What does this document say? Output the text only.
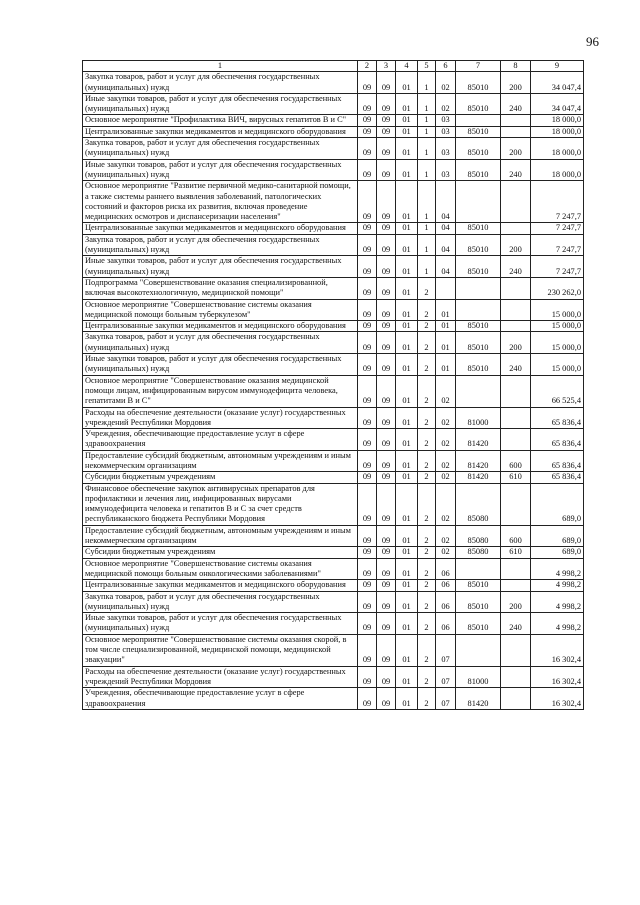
96
1	2	3	4	5	6	7	8	9
Закупка товаров, работ и услуг для обеспечения государственных (муниципальных) нужд	09	09	01	1	02	85010	200	34 047,4
Иные закупки товаров, работ и услуг для обеспечения государственных (муниципальных) нужд	09	09	01	1	02	85010	240	34 047,4
Основное мероприятие "Профилактика ВИЧ, вирусных гепатитов В и С"	09	09	01	1	03			18 000,0
Централизованные закупки медикаментов и медицинского оборудования	09	09	01	1	03	85010		18 000,0
Закупка товаров, работ и услуг для обеспечения государственных (муниципальных) нужд	09	09	01	1	03	85010	200	18 000,0
Иные закупки товаров, работ и услуг для обеспечения государственных (муниципальных) нужд	09	09	01	1	03	85010	240	18 000,0
Основное мероприятие "Развитие первичной медико-санитарной помощи, а также системы раннего выявления заболеваний, патологических состояний и факторов риска их развития, включая проведение медицинских осмотров и диспансеризации населения"	09	09	01	1	04			7 247,7
Централизованные закупки медикаментов и медицинского оборудования	09	09	01	1	04	85010		7 247,7
Закупка товаров, работ и услуг для обеспечения государственных (муниципальных) нужд	09	09	01	1	04	85010	200	7 247,7
Иные закупки товаров, работ и услуг для обеспечения государственных (муниципальных) нужд	09	09	01	1	04	85010	240	7 247,7
Подпрограмма "Совершенствование оказания специализированной, включая высокотехнологичную, медицинской помощи"	09	09	01	2				230 262,0
Основное мероприятие "Совершенствование системы оказания медицинской помощи больным туберкулезом"	09	09	01	2	01			15 000,0
Централизованные закупки медикаментов и медицинского оборудования	09	09	01	2	01	85010		15 000,0
Закупка товаров, работ и услуг для обеспечения государственных (муниципальных) нужд	09	09	01	2	01	85010	200	15 000,0
Иные закупки товаров, работ и услуг для обеспечения государственных (муниципальных) нужд	09	09	01	2	01	85010	240	15 000,0
Основное мероприятие "Совершенствование оказания медицинской помощи лицам, инфицированным вирусом иммунодефицита человека, гепатитами В и С"	09	09	01	2	02			66 525,4
Расходы на обеспечение деятельности (оказание услуг) государственных учреждений Республики Мордовия	09	09	01	2	02	81000		65 836,4
Учреждения, обеспечивающие предоставление услуг в сфере здравоохранения	09	09	01	2	02	81420		65 836,4
Предоставление субсидий бюджетным, автономным учреждениям и иным некоммерческим организациям	09	09	01	2	02	81420	600	65 836,4
Субсидии бюджетным учреждениям	09	09	01	2	02	81420	610	65 836,4
Финансовое обеспечение закупок антивирусных препаратов для профилактики и лечения лиц, инфицированных вирусами иммунодефицита человека и гепатитов В и С за счет средств республиканского бюджета Республики Мордовия	09	09	01	2	02	85080		689,0
Предоставление субсидий бюджетным, автономным учреждениям и иным некоммерческим организациям	09	09	01	2	02	85080	600	689,0
Субсидии бюджетным учреждениям	09	09	01	2	02	85080	610	689,0
Основное мероприятие "Совершенствование системы оказания медицинской помощи больным онкологическими заболеваниями"	09	09	01	2	06			4 998,2
Централизованные закупки медикаментов и медицинского оборудования	09	09	01	2	06	85010		4 998,2
Закупка товаров, работ и услуг для обеспечения государственных (муниципальных) нужд	09	09	01	2	06	85010	200	4 998,2
Иные закупки товаров, работ и услуг для обеспечения государственных (муниципальных) нужд	09	09	01	2	06	85010	240	4 998,2
Основное мероприятие "Совершенствование системы оказания скорой, в том числе специализированной, медицинской помощи, медицинской эвакуации"	09	09	01	2	07			16 302,4
Расходы на обеспечение деятельности (оказание услуг) государственных учреждений Республики Мордовия	09	09	01	2	07	81000		16 302,4
Учреждения, обеспечивающие предоставление услуг в сфере здравоохранения	09	09	01	2	07	81420		16 302,4
